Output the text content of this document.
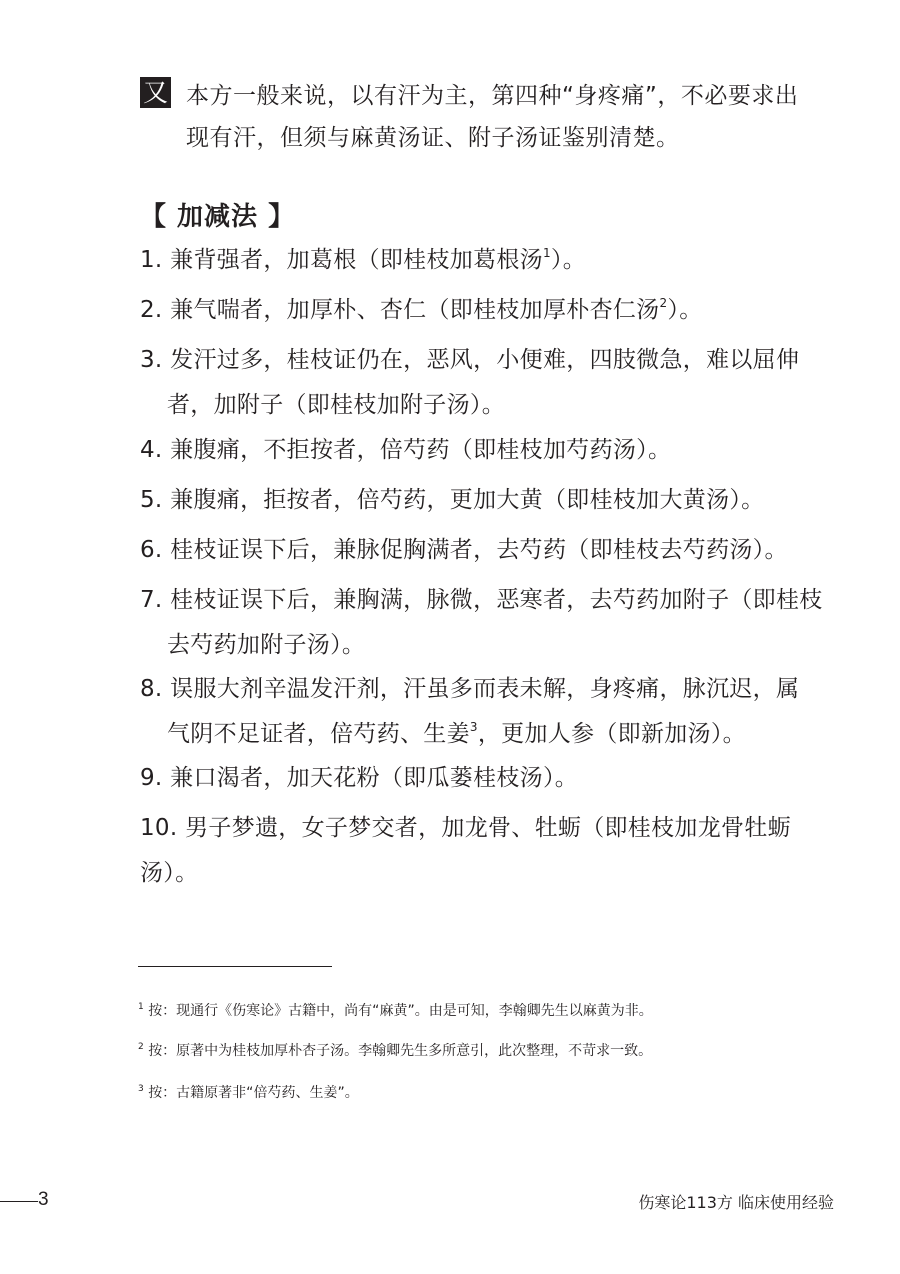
又 本方一般来说，以有汗为主，第四种“身疼痛”，不必要求出
现有汗，但须与麻黄汤证、附子汤证鉴别清楚。
【 加减法 】
1. 兼背强者，加葛根（即桂枝加葛根汤$^1$）。
2. 兼气喘者，加厚朴、杏仁（即桂枝加厚朴杏仁汤$^2$）。
3. 发汗过多，桂枝证仍在，恶风，小便难，四肢微急，难以屈伸
者，加附子（即桂枝加附子汤）。
4. 兼腹痛，不拒按者，倍芍药（即桂枝加芍药汤）。
5. 兼腹痛，拒按者，倍芍药，更加大黄（即桂枝加大黄汤）。
6. 桂枝证误下后，兼脉促胸满者，去芍药（即桂枝去芍药汤）。
7. 桂枝证误下后，兼胸满，脉微，恶寒者，去芍药加附子（即桂枝
去芍药加附子汤）。
8. 误服大剂辛温发汗剂，汗虽多而表未解，身疼痛，脉沉迟，属
气阴不足证者，倍芍药、生姜$^3$，更加人参（即新加汤）。
9. 兼口渴者，加天花粉（即瓜蒌桂枝汤）。
10. 男子梦遗，女子梦交者，加龙骨、牡蛎（即桂枝加龙骨牡蛎汤）。
$^1$ 按：现通行《伤寒论》古籍中，尚有“麻黄”。由是可知，李翰卿先生以麻黄为非。
$^2$ 按：原著中为桂枝加厚朴杏子汤。李翰卿先生多所意引，此次整理，不苛求一致。
$^3$ 按：古籍原著非“倍芍药、生姜”。
3	伤寒论113方 临床使用经验
